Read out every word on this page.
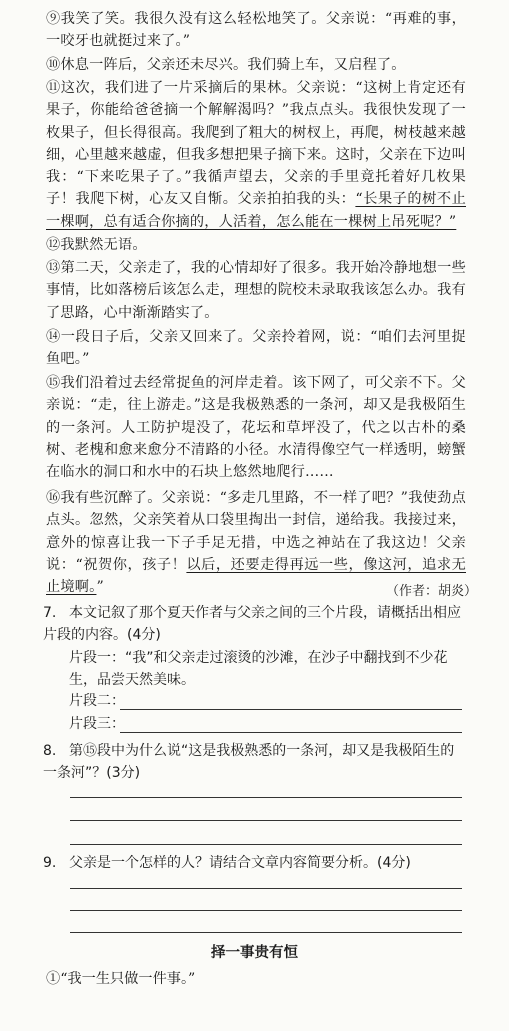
⑨我笑了笑。我很久没有这么轻松地笑了。父亲说：“再难的事，一咬牙也就挺过来了。”
⑩休息一阵后，父亲还未尽兴。我们骑上车，又启程了。
⑪这次，我们进了一片采摘后的果林。父亲说：“这树上肯定还有果子，你能给爸爸摘一个解解渴吗？”我点点头。我很快发现了一枚果子，但长得很高。我爬到了粗大的树杈上，再爬，树枝越来越细，心里越来越虚，但我多想把果子摘下来。这时，父亲在下边叫我：“下来吃果子了。”我循声望去，父亲的手里竟托着好几枚果子！我爬下树，心友又自惭。父亲拍拍我的头：“长果子的树不止一棵啊，总有适合你摘的，人活着，怎么能在一棵树上吊死呢？”
⑫我默然无语。
⑬第二天，父亲走了，我的心情却好了很多。我开始冷静地想一些事情，比如落榜后该怎么走，理想的院校未录取我该怎么办。我有了思路，心中渐渐踏实了。
⑭一段日子后，父亲又回来了。父亲拎着网，说：“咱们去河里捉鱼吧。”
⑮我们沿着过去经常捉鱼的河岸走着。该下网了，可父亲不下。父亲说：“走，往上游走。”这是我极熟悉的一条河，却又是我极陌生的一条河。人工防护堤没了，花坛和草坪没了，代之以古朴的桑树、老槐和愈来愈分不清路的小径。水清得像空气一样透明，螃蟹在临水的洞口和水中的石块上悠然地爬行……
⑯我有些沉醉了。父亲说：“多走几里路，不一样了吧？”我使劲点点头。忽然，父亲笑着从口袋里掏出一封信，递给我。我接过来，意外的惊喜让我一下子手足无措，中选之神站在了我这边！父亲说：“祝贺你，孩子！以后，还要走得再远一些，像这河，追求无止境啊。”	（作者：胡炎）
7. 本文记叙了那个夏天作者与父亲之间的三个片段，请概括出相应片段的内容。(4分)
片段一：“我”和父亲走过滚烫的沙滩，在沙子中翻找到不少花生，品尝天然美味。
片段二：
片段三：
8. 第⑮段中为什么说“这是我极熟悉的一条河，却又是我极陌生的一条河”？(3分)
9. 父亲是一个怎样的人？请结合文章内容简要分析。(4分)
择一事贵有恒
①“我一生只做一件事。”
